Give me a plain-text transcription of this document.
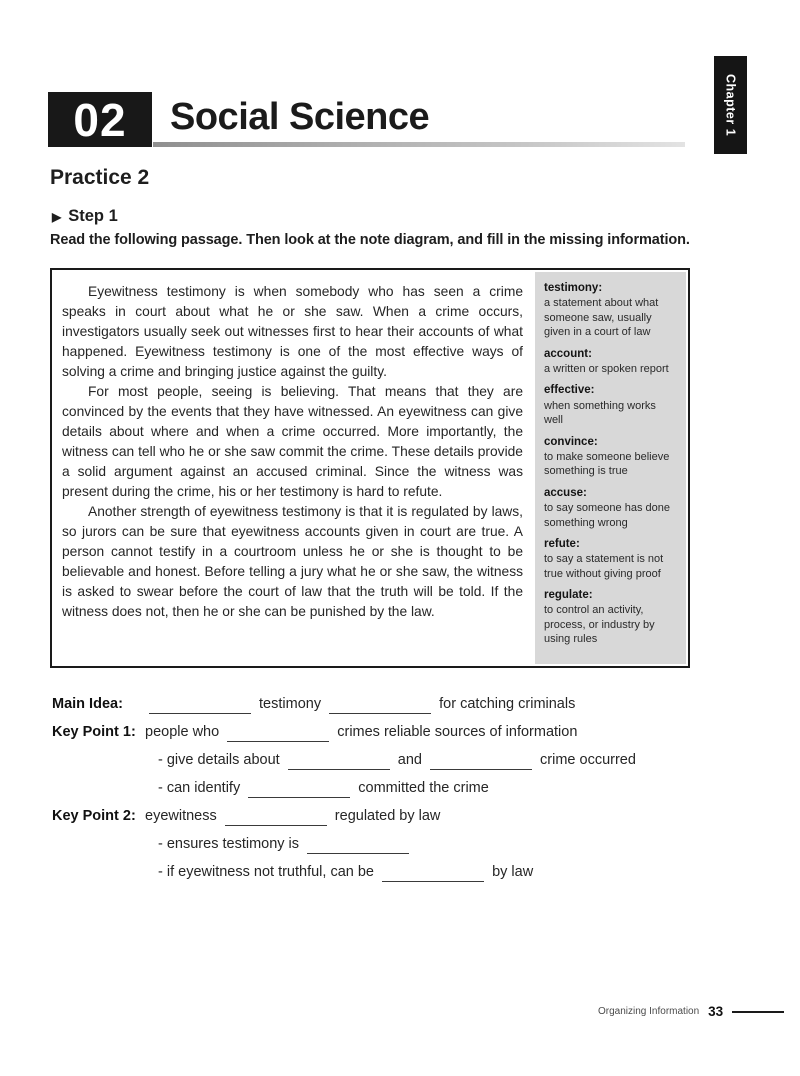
Chapter 1
02 Social Science
Practice 2
▶ Step 1
Read the following passage. Then look at the note diagram, and fill in the missing information.

Eyewitness testimony is when somebody who has seen a crime speaks in court about what he or she saw. When a crime occurs, investigators usually seek out witnesses first to hear their accounts of what happened. Eyewitness testimony is one of the most effective ways of solving a crime and bringing justice against the guilty.

For most people, seeing is believing. That means that they are convinced by the events that they have witnessed. An eyewitness can give details about where and when a crime occurred. More importantly, the witness can tell who he or she saw commit the crime. These details provide a solid argument against an accused criminal. Since the witness was present during the crime, his or her testimony is hard to refute.

Another strength of eyewitness testimony is that it is regulated by laws, so jurors can be sure that eyewitness accounts given in court are true. A person cannot testify in a courtroom unless he or she is thought to be believable and honest. Before telling a jury what he or she saw, the witness is asked to swear before the court of law that the truth will be told. If the witness does not, then he or she can be punished by the law.

testimony:
a statement about what someone saw, usually given in a court of law
account:
a written or spoken report
effective:
when something works well
convince:
to make someone believe something is true
accuse:
to say someone has done something wrong
refute:
to say a statement is not true without giving proof
regulate:
to control an activity, process, or industry by using rules
Main Idea:	testimony	for catching criminals
Key Point 1: people who	crimes reliable sources of information
- give details about	and	crime occurred
- can identify	committed the crime
Key Point 2: eyewitness	regulated by law
- ensures testimony is
- if eyewitness not truthful, can be	by law
Organizing Information 33
